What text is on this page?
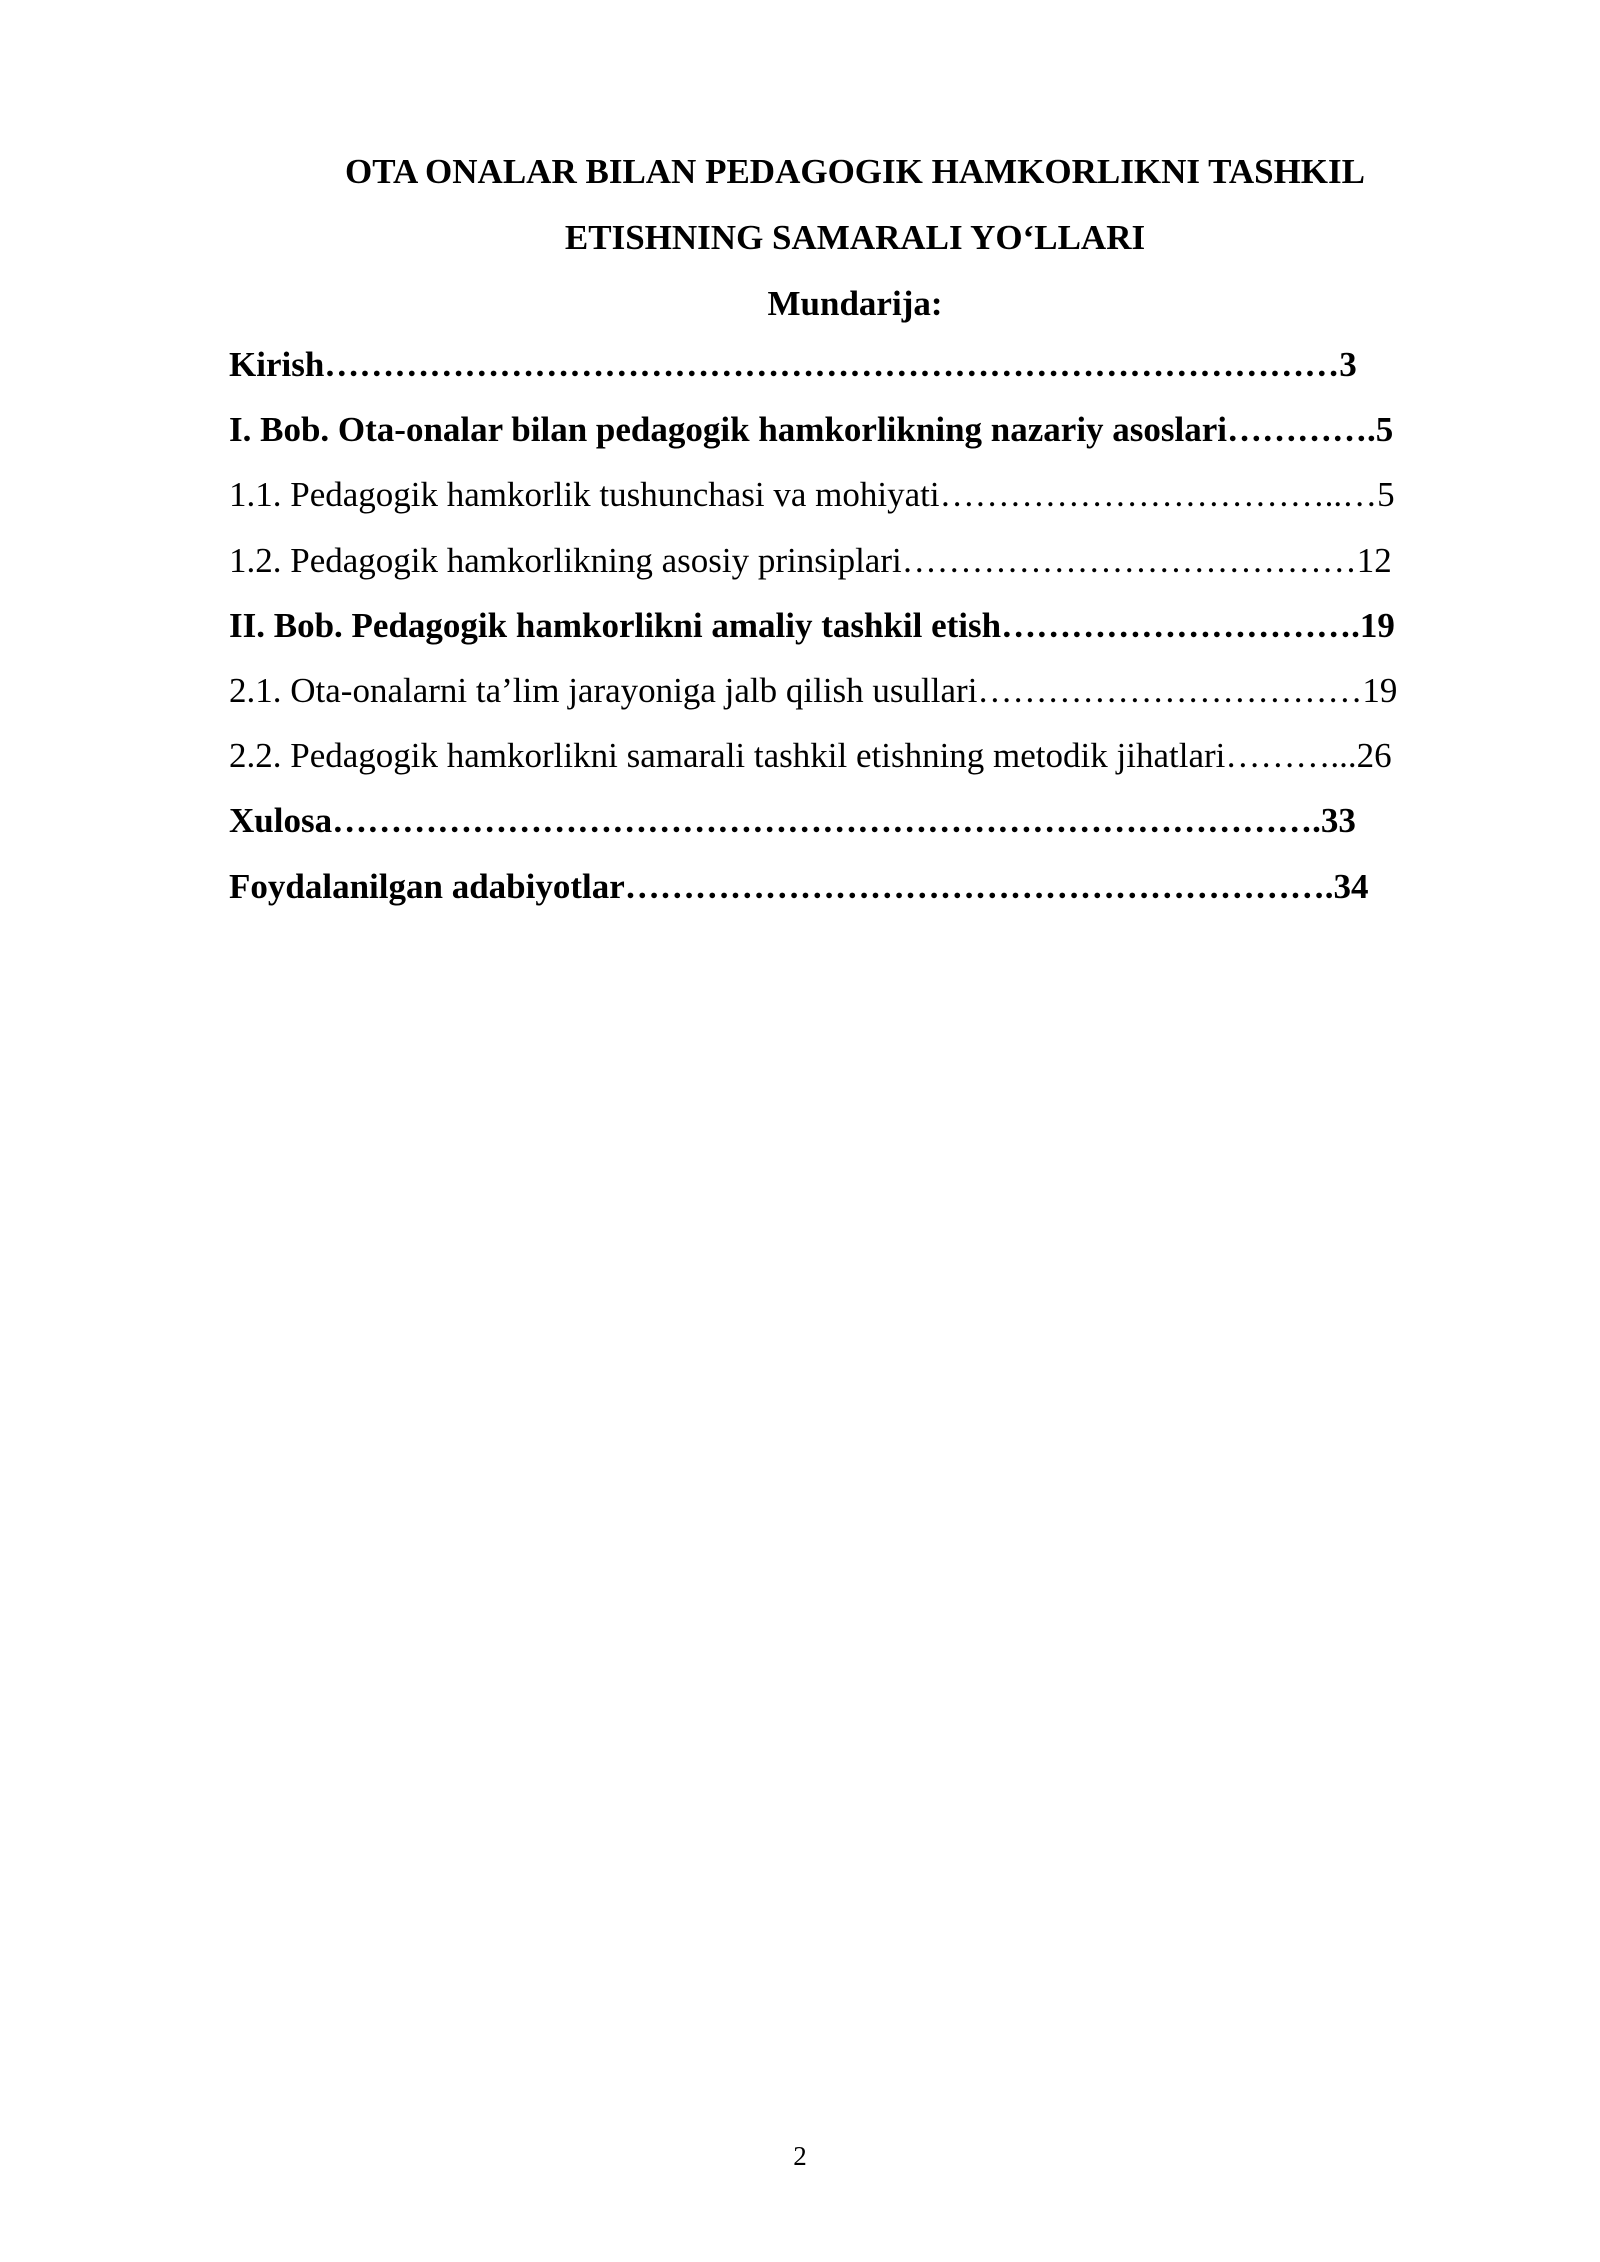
OTA ONALAR BILAN PEDAGOGIK HAMKORLIKNI TASHKIL
ETISHNING SAMARALI YO‘LLARI
Mundarija:
Kirish……………………………………………………………………………3
I. Bob. Ota-onalar bilan pedagogik hamkorlikning nazariy asoslari………….5
1.1. Pedagogik hamkorlik tushunchasi va mohiyati……………………………..…5
1.2. Pedagogik hamkorlikning asosiy prinsiplari…………………………………12
II. Bob. Pedagogik hamkorlikni amaliy tashkil etish………………………….19
2.1. Ota-onalarni ta’lim jarayoniga jalb qilish usullari……………………………19
2.2. Pedagogik hamkorlikni samarali tashkil etishning metodik jihatlari………...26
Xulosa………………………………………………………………………….33
Foydalanilgan adabiyotlar…………………………………………………….34
2
